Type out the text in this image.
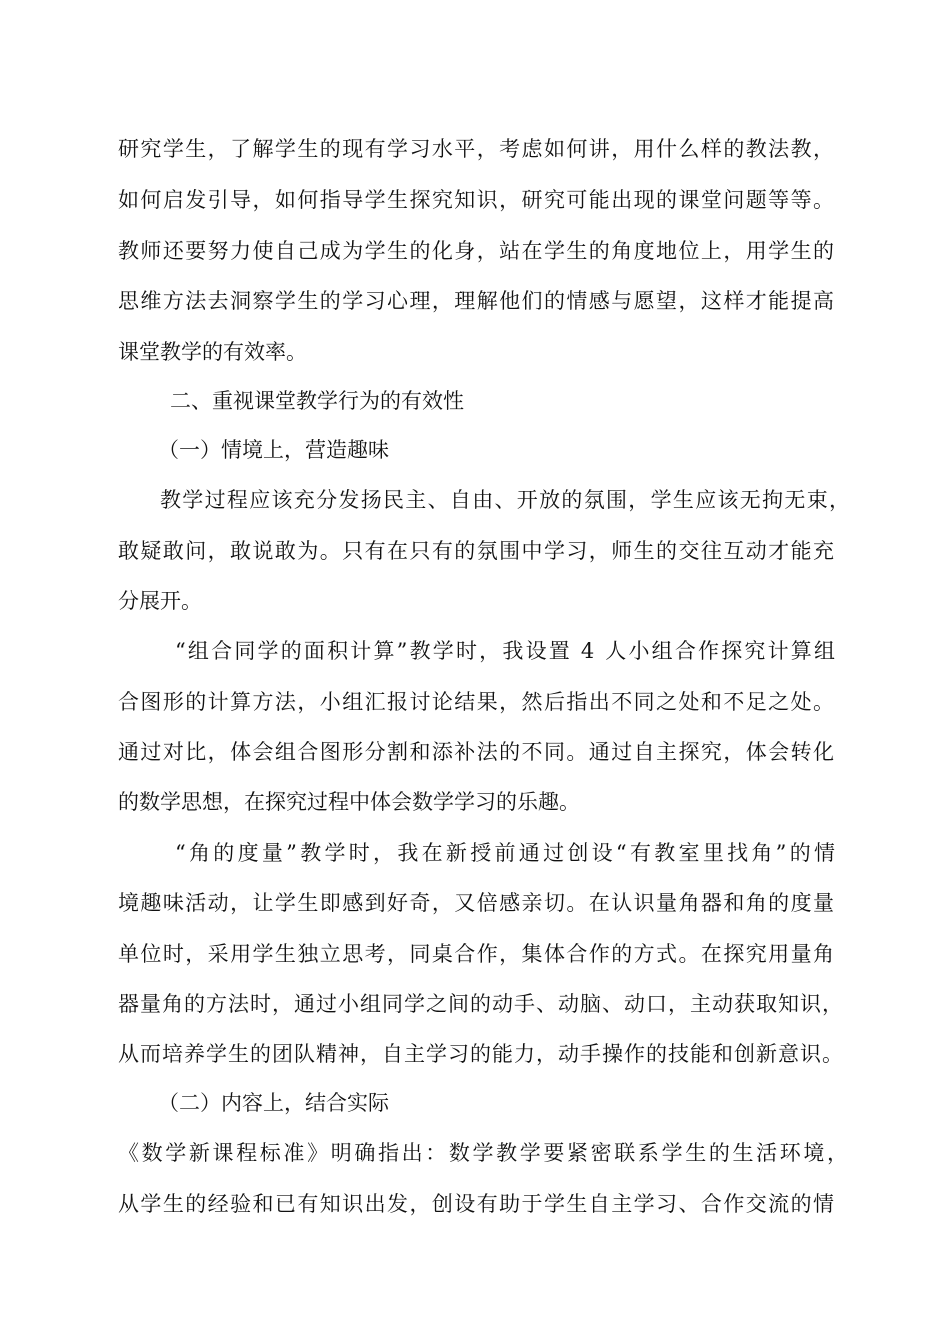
研究学生，了解学生的现有学习水平，考虑如何讲，用什么样的教法教，
如何启发引导，如何指导学生探究知识，研究可能出现的课堂问题等等。
教师还要努力使自己成为学生的化身，站在学生的角度地位上，用学生的
思维方法去洞察学生的学习心理，理解他们的情感与愿望，这样才能提高
课堂教学的有效率。
二、重视课堂教学行为的有效性
（一）情境上，营造趣味
教学过程应该充分发扬民主、自由、开放的氛围，学生应该无拘无束，
敢疑敢问，敢说敢为。只有在只有的氛围中学习，师生的交往互动才能充
分展开。
“组合同学的面积计算”教学时，我设置 4 人小组合作探究计算组
合图形的计算方法，小组汇报讨论结果，然后指出不同之处和不足之处。
通过对比，体会组合图形分割和添补法的不同。通过自主探究，体会转化
的数学思想，在探究过程中体会数学学习的乐趣。
“角的度量”教学时，我在新授前通过创设“有教室里找角”的情
境趣味活动，让学生即感到好奇，又倍感亲切。在认识量角器和角的度量
单位时，采用学生独立思考，同桌合作，集体合作的方式。在探究用量角
器量角的方法时，通过小组同学之间的动手、动脑、动口，主动获取知识，
从而培养学生的团队精神，自主学习的能力，动手操作的技能和创新意识。
（二）内容上，结合实际
《数学新课程标准》明确指出：数学教学要紧密联系学生的生活环境，
从学生的经验和已有知识出发，创设有助于学生自主学习、合作交流的情
